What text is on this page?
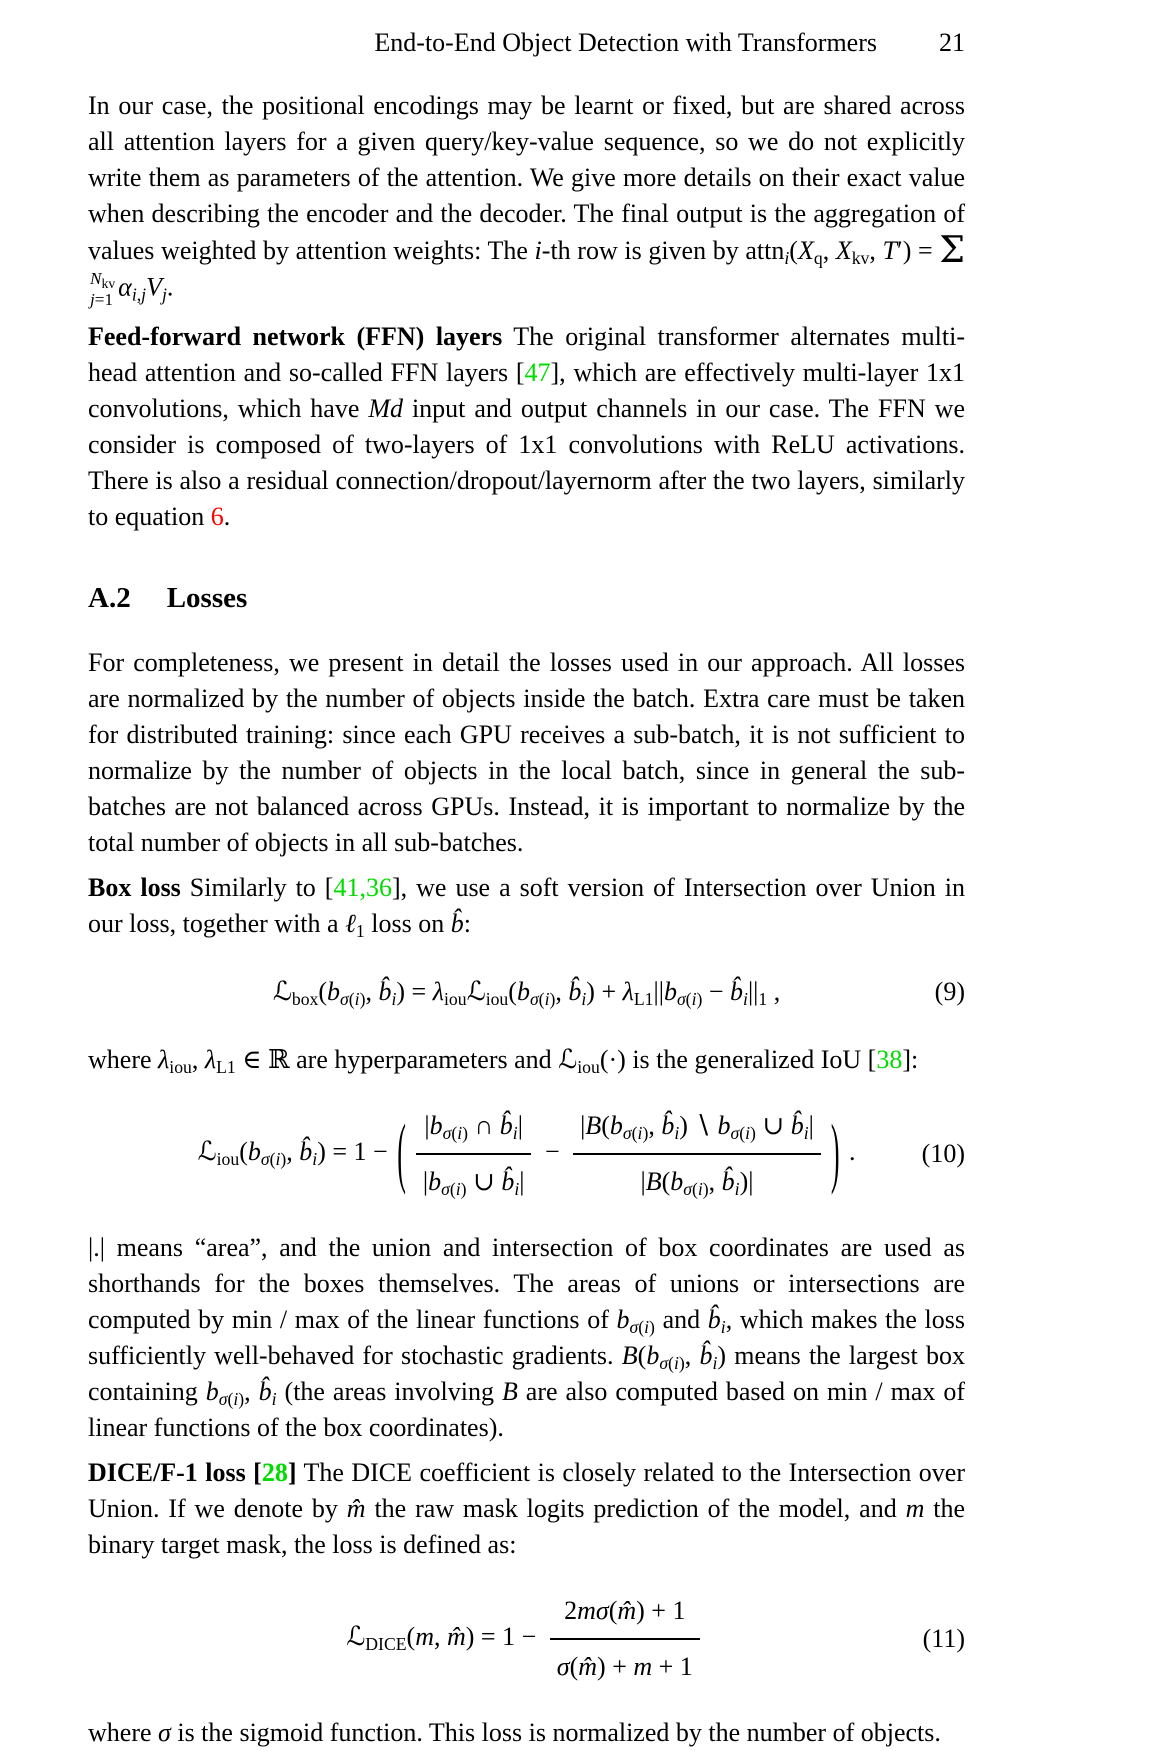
End-to-End Object Detection with Transformers 21

In our case, the positional encodings may be learnt or fixed, but are shared across all attention layers for a given query/key-value sequence, so we do not explicitly write them as parameters of the attention. We give more details on their exact value when describing the encoder and the decoder. The final output is the aggregation of values weighted by attention weights: The i-th row is given by $attn_i(X_q$, $X_{kv}$, T′) = Σ
$N_{kv}$
j=1 $\alpha_{i,j}V_j$.

Feed-forward network (FFN) layers The original transformer alternates multi-head attention and so-called FFN layers [47], which are effectively multi-layer 1x1 convolutions, which have Md input and output channels in our case. The FFN we consider is composed of two-layers of 1x1 convolutions with ReLU activations. There is also a residual connection/dropout/layernorm after the two layers, similarly to equation 6.

A.2 Losses

For completeness, we present in detail the losses used in our approach. All losses are normalized by the number of objects inside the batch. Extra care must be taken for distributed training: since each GPU receives a sub-batch, it is not sufficient to normalize by the number of objects in the local batch, since in general the sub-batches are not balanced across GPUs. Instead, it is important to normalize by the total number of objects in all sub-batches.

Box loss Similarly to [41,36], we use a soft version of Intersection over Union in our loss, together with a ℓ$_1$ loss on b̂:

$ℒ_{box}(b_{\sigma(i)}$, $b̂_i$) = $\lambda_{iou}ℒ_{iou}(b_{\sigma(i)}$, $b̂_i) + \lambda_{L1}||b_{\sigma(i)}$ − $b̂_i||_1$ ,	(9)

where $\lambda_{iou}$, $\lambda_{L1}$ ∈ ℝ are hyperparameters and ℒ$_{iou}$(·) is the generalized IoU [38]:

$ℒ_{iou}(b_{\sigma(i)}$, $b̂_i) = 1$ − ( $\frac{|b_{\sigma(i)} \cap b̂_i|}{|b_{\sigma(i)} \cup b̂_i|} - \frac{|B(b_{\sigma(i)}, b̂_i) ∖ b_{\sigma(i)} \cup b̂_i|}{|B(b_{\sigma(i)}, b̂_i)|}$ ) .	(10)

|.| means “area”, and the union and intersection of box coordinates are used as shorthands for the boxes themselves. The areas of unions or intersections are computed by min / max of the linear functions of $b_{\sigma(i)}$ and $b̂_i$, which makes the loss sufficiently well-behaved for stochastic gradients. $B(b_{\sigma(i)}$, $b̂_i$) means the largest box containing $b_{\sigma(i)}$, $b̂_i$ (the areas involving B are also computed based on min / max of linear functions of the box coordinates).

DICE/F-1 loss [28] The DICE coefficient is closely related to the Intersection over Union. If we denote by m̂ the raw mask logits prediction of the model, and m the binary target mask, the loss is defined as:

ℒ$_{DICE}$(m, m̂) = $1 - \frac{2m\sigma(m̂) + 1}{\sigma(m̂) + m + 1}$	(11)

where σ is the sigmoid function. This loss is normalized by the number of objects.
